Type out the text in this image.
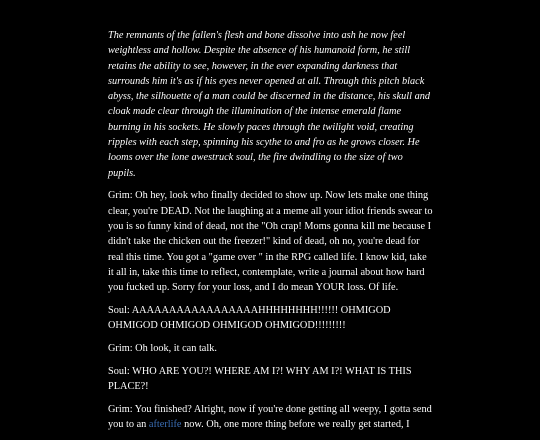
The remnants of the fallen's flesh and bone dissolve into ash he now feel weightless and hollow. Despite the absence of his humanoid form, he still retains the ability to see, however, in the ever expanding darkness that surrounds him it's as if his eyes never opened at all. Through this pitch black abyss, the silhouette of a man could be discerned in the distance, his skull and cloak made clear through the illumination of the intense emerald flame burning in his sockets. He slowly paces through the twilight void, creating ripples with each step, spinning his scythe to and fro as he grows closer. He looms over the lone awestruck soul, the fire dwindling to the size of two pupils.

Grim: Oh hey, look who finally decided to show up. Now lets make one thing clear, you're DEAD. Not the laughing at a meme all your idiot friends swear to you is so funny kind of dead, not the "Oh crap! Moms gonna kill me because I didn't take the chicken out the freezer!" kind of dead, oh no, you're dead for real this time. You got a "game over " in the RPG called life. I know kid, take it all in, take this time to reflect, contemplate, write a journal about how hard you fucked up. Sorry for your loss, and I do mean YOUR loss. Of life.

Soul: AAAAAAAAAAAAAAAAAHHHHHHHH!!!!!! OHMIGOD OHMIGOD OHMIGOD OHMIGOD OHMIGOD!!!!!!!!!

Grim: Oh look, it can talk.

Soul: WHO ARE YOU?! WHERE AM I?! WHY AM I?! WHAT IS THIS PLACE?!

Grim: You finished? Alright, now if you're done getting all weepy, I gotta send you to an afterlife now. Oh, one more thing before we really get started, I
